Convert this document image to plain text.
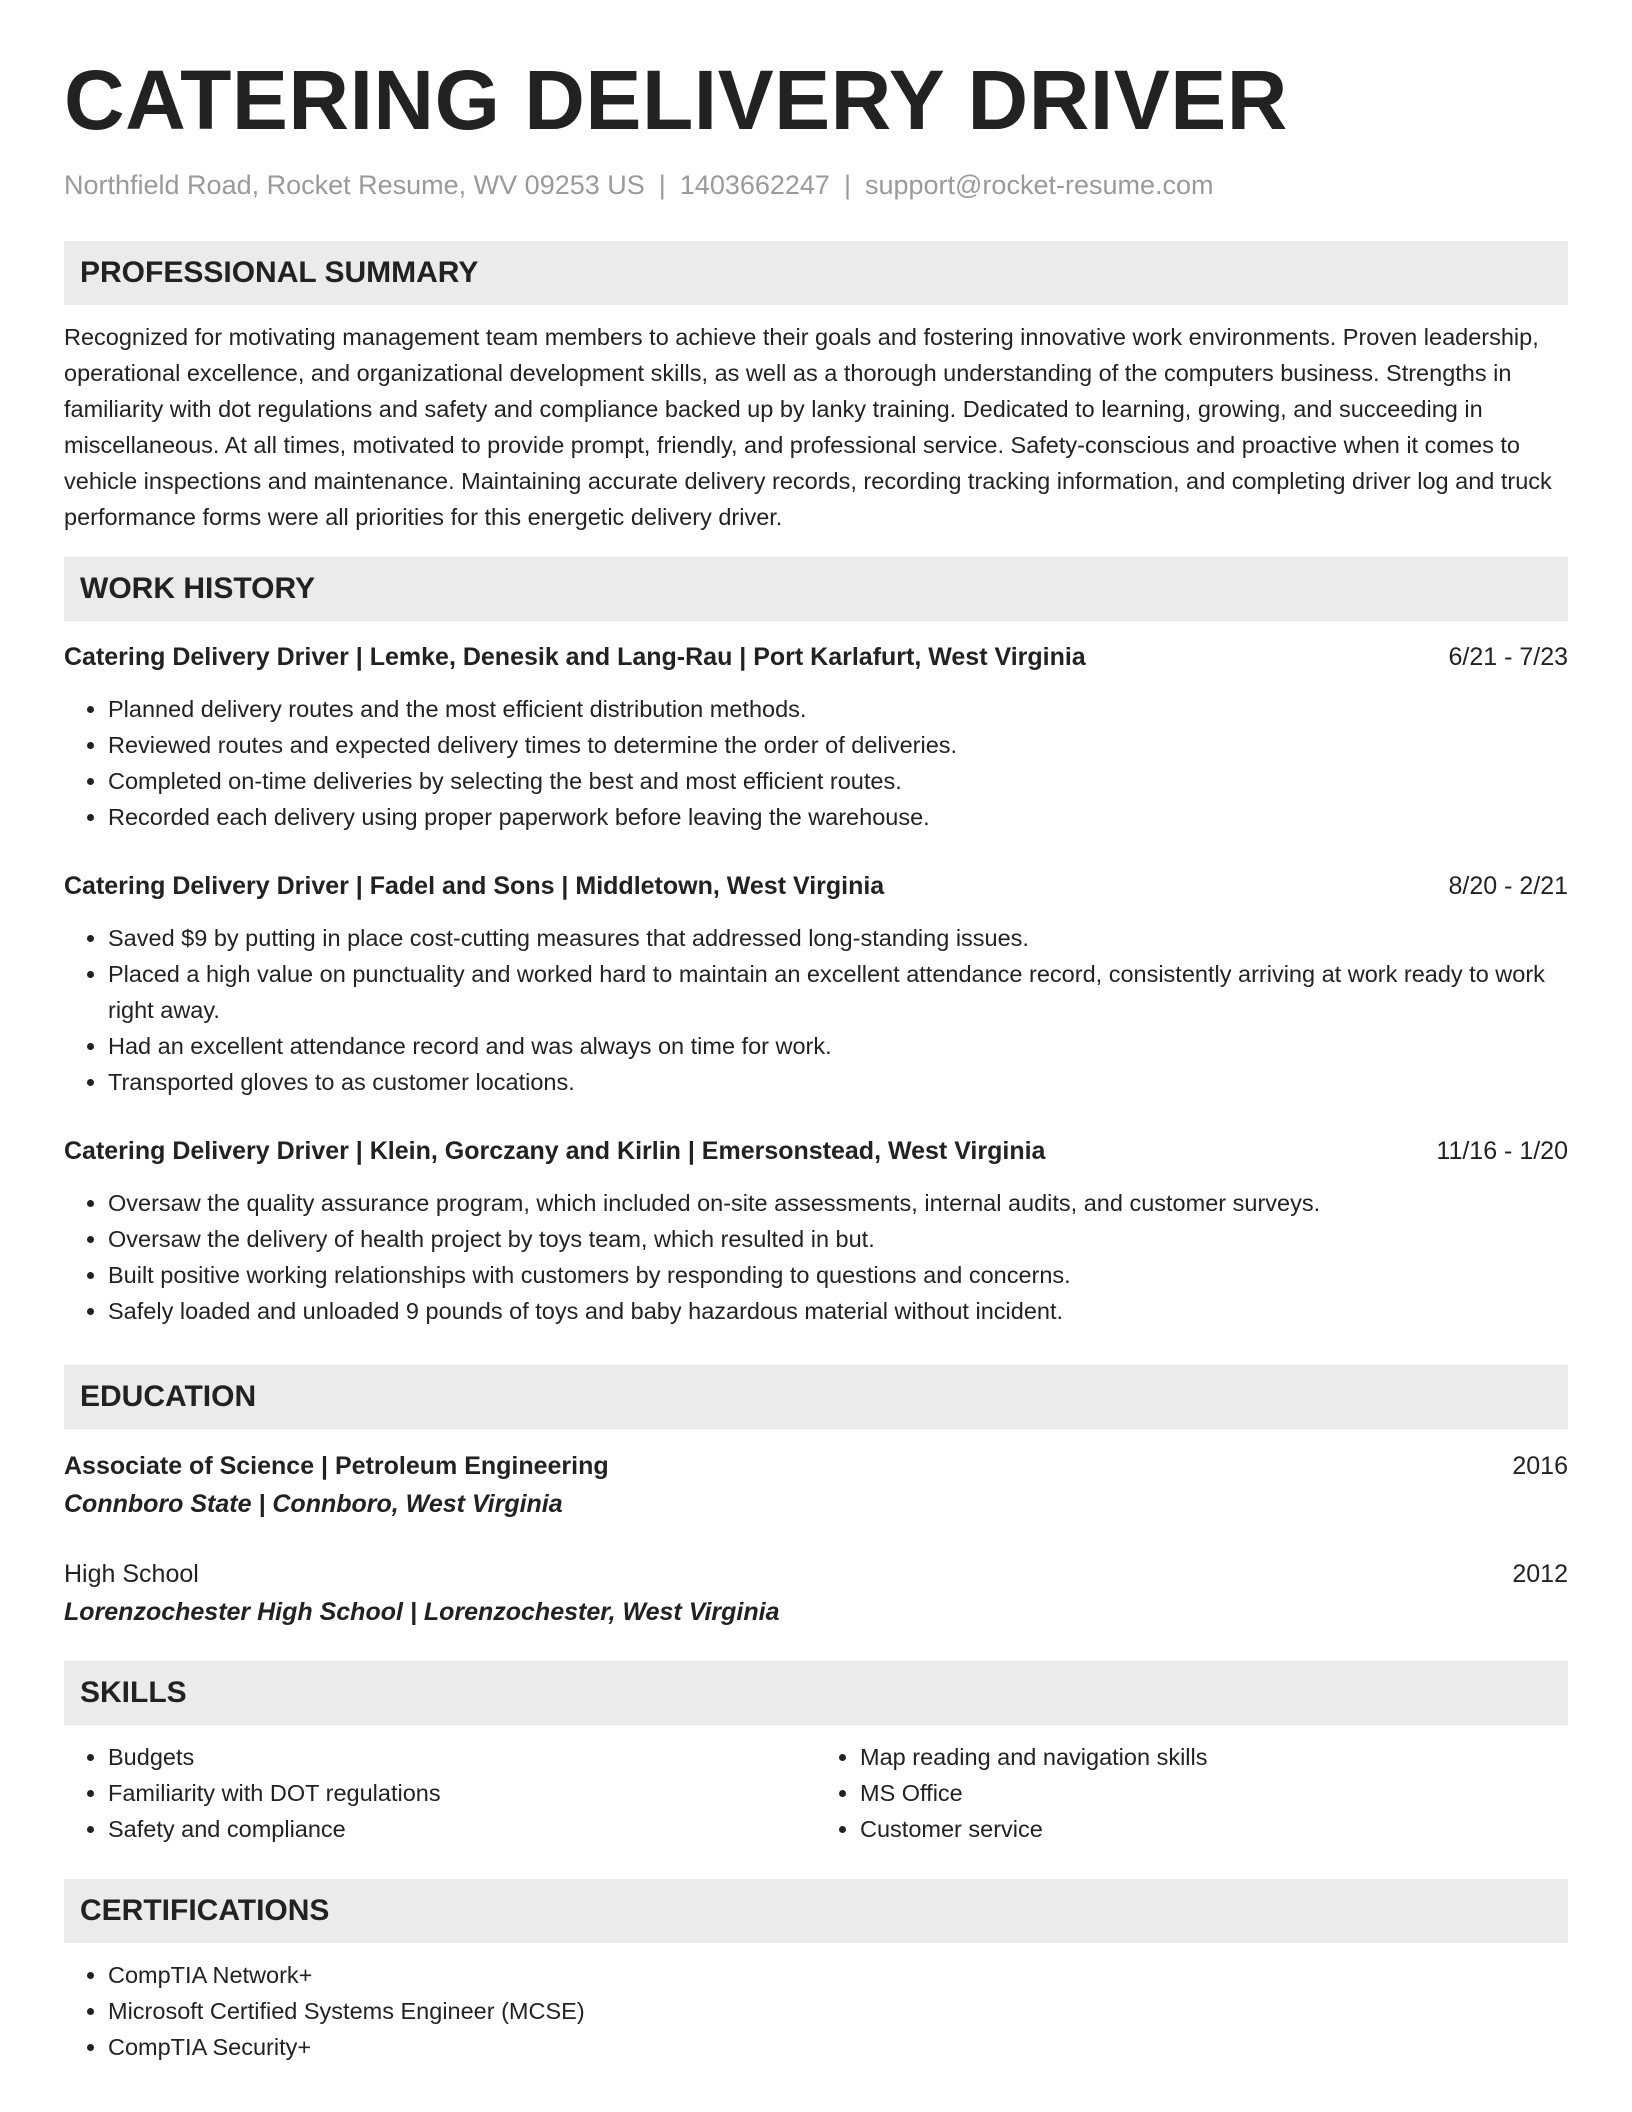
CATERING DELIVERY DRIVER
Northfield Road, Rocket Resume, WV 09253 US | 1403662247 | support@rocket-resume.com
PROFESSIONAL SUMMARY

Recognized for motivating management team members to achieve their goals and fostering innovative work environments. Proven leadership, operational excellence, and organizational development skills, as well as a thorough understanding of the computers business. Strengths in familiarity with dot regulations and safety and compliance backed up by lanky training. Dedicated to learning, growing, and succeeding in miscellaneous. At all times, motivated to provide prompt, friendly, and professional service. Safety-conscious and proactive when it comes to vehicle inspections and maintenance. Maintaining accurate delivery records, recording tracking information, and completing driver log and truck performance forms were all priorities for this energetic delivery driver.

WORK HISTORY
Catering Delivery Driver | Lemke, Denesik and Lang-Rau | Port Karlafurt, West Virginia	6/21 - 7/23
• Planned delivery routes and the most efficient distribution methods.
• Reviewed routes and expected delivery times to determine the order of deliveries.
• Completed on-time deliveries by selecting the best and most efficient routes.
• Recorded each delivery using proper paperwork before leaving the warehouse.
Catering Delivery Driver | Fadel and Sons | Middletown, West Virginia	8/20 - 2/21
• Saved $9 by putting in place cost-cutting measures that addressed long-standing issues.
• Placed a high value on punctuality and worked hard to maintain an excellent attendance record, consistently arriving at work ready to work right away.
• Had an excellent attendance record and was always on time for work.
• Transported gloves to as customer locations.
Catering Delivery Driver | Klein, Gorczany and Kirlin | Emersonstead, West Virginia	11/16 - 1/20
• Oversaw the quality assurance program, which included on-site assessments, internal audits, and customer surveys.
• Oversaw the delivery of health project by toys team, which resulted in but.
• Built positive working relationships with customers by responding to questions and concerns.
• Safely loaded and unloaded 9 pounds of toys and baby hazardous material without incident.
EDUCATION
Associate of Science | Petroleum Engineering	2016
Connboro State | Connboro, West Virginia
High School	2012
Lorenzochester High School | Lorenzochester, West Virginia
SKILLS
• Budgets
• Familiarity with DOT regulations
• Safety and compliance
• Map reading and navigation skills
• MS Office
• Customer service
CERTIFICATIONS
• CompTIA Network+
• Microsoft Certified Systems Engineer (MCSE)
• CompTIA Security+
